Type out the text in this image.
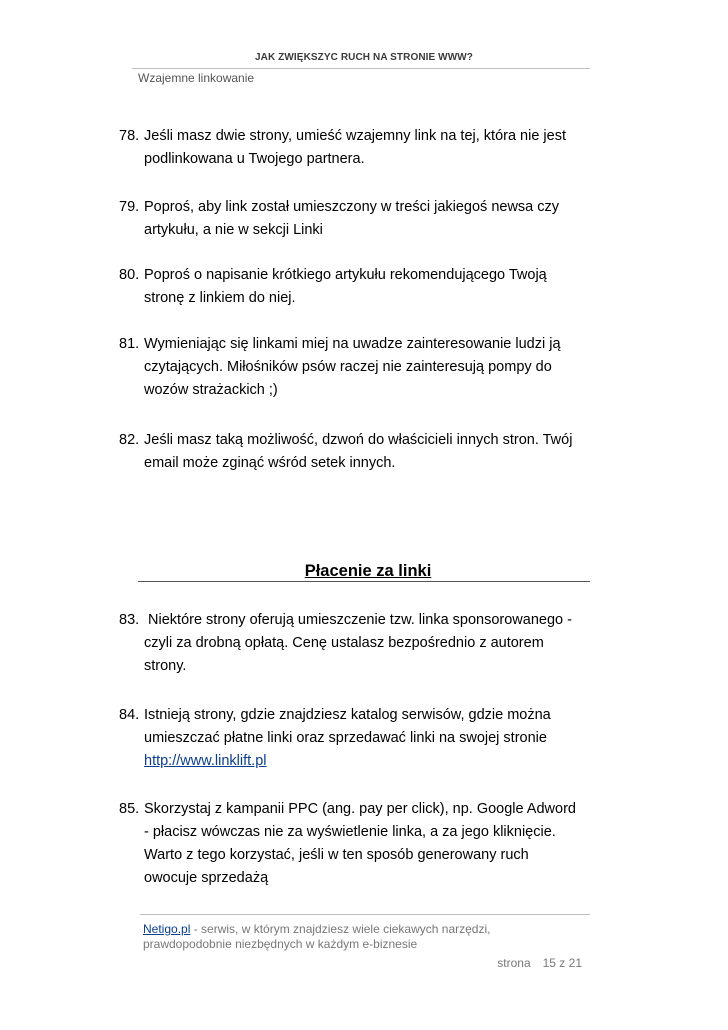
JAK ZWIĘKSZYC RUCH NA STRONIE WWW?
Wzajemne linkowanie
78. Jeśli masz dwie strony, umieść wzajemny link na tej, która nie jest
podlinkowana u Twojego partnera.
79. Poproś, aby link został umieszczony w treści jakiegoś newsa czy
artykułu, a nie w sekcji Linki
80. Poproś o napisanie krótkiego artykułu rekomendującego Twoją
stronę z linkiem do niej.
81. Wymieniając się linkami miej na uwadze zainteresowanie ludzi ją
czytających. Miłośników psów raczej nie zainteresują pompy do
wozów strażackich ;)
82. Jeśli masz taką możliwość, dzwoń do właścicieli innych stron. Twój
email może zginąć wśród setek innych.
Płacenie za linki
83. Niektóre strony oferują umieszczenie tzw. linka sponsorowanego -
czyli za drobną opłatą. Cenę ustalasz bezpośrednio z autorem
strony.
84. Istnieją strony, gdzie znajdziesz katalog serwisów, gdzie można
umieszczać płatne linki oraz sprzedawać linki na swojej stronie
http://www.linklift.pl
85. Skorzystaj z kampanii PPC (ang. pay per click), np. Google Adword
- płacisz wówczas nie za wyświetlenie linka, a za jego kliknięcie.
Warto z tego korzystać, jeśli w ten sposób generowany ruch
owocuje sprzedażą
Netigo.pl - serwis, w którym znajdziesz wiele ciekawych narzędzi,
prawdopodobnie niezbędnych w każdym e-biznesie
strona 15 z 21
